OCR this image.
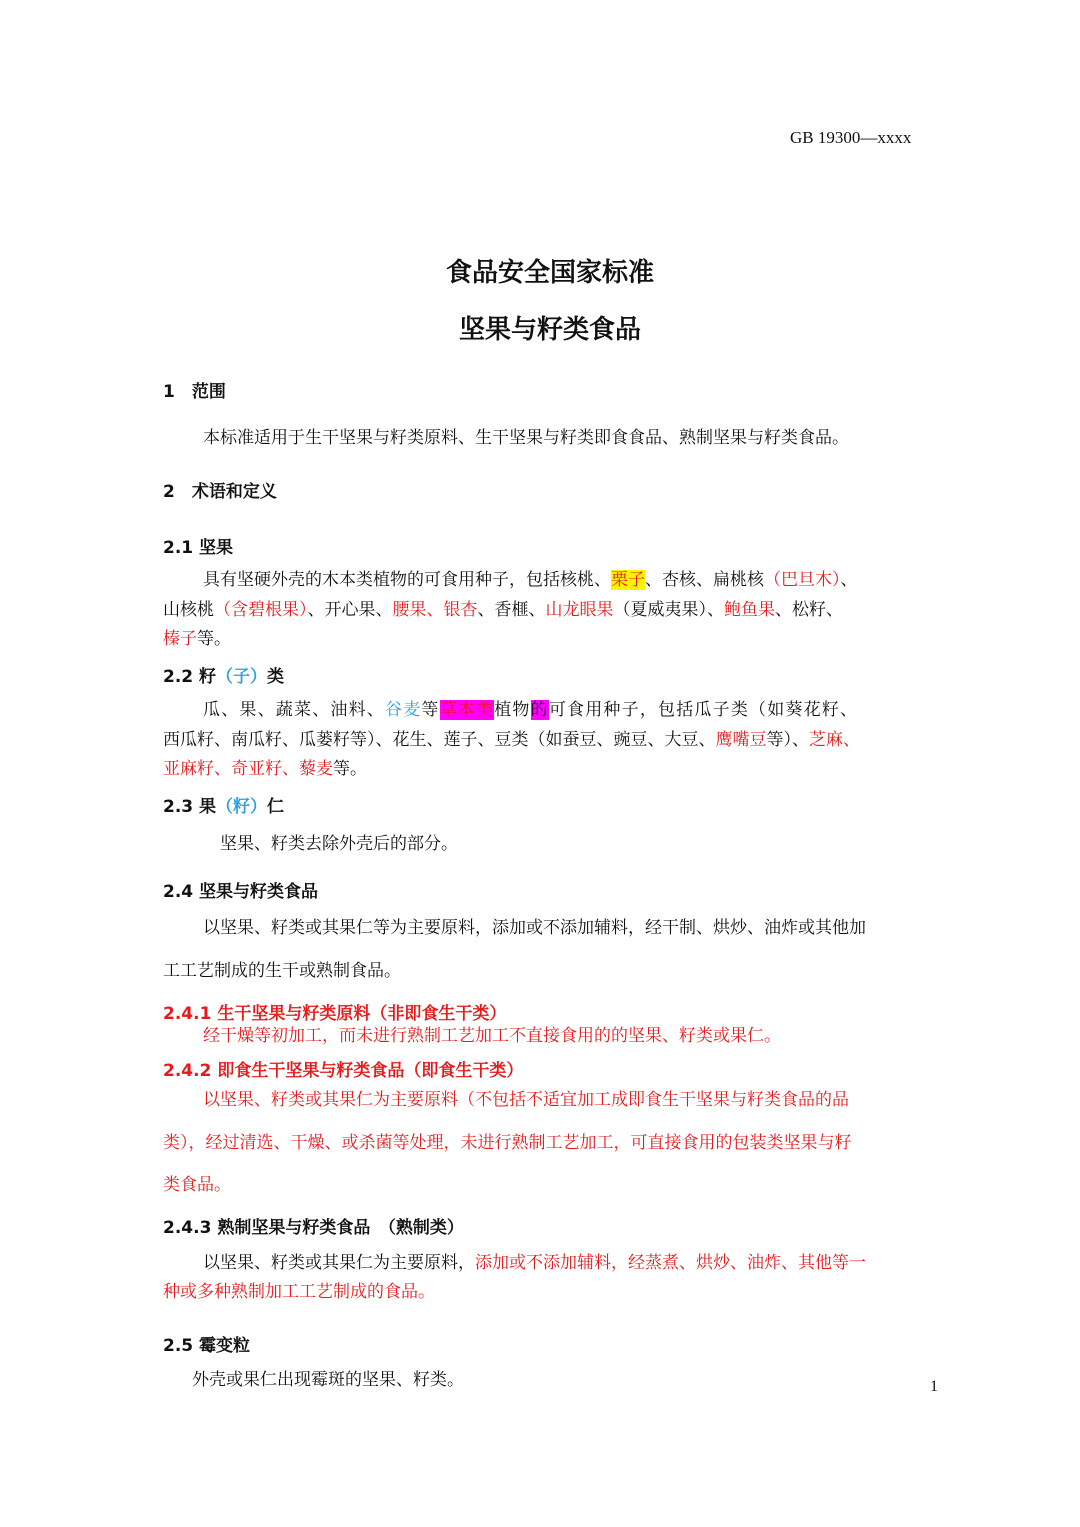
GB 19300—xxxx
食品安全国家标准
坚果与籽类食品
1　范围
本标准适用于生干坚果与籽类原料、生干坚果与籽类即食食品、熟制坚果与籽类食品。
2　术语和定义
2.1 坚果
具有坚硬外壳的木本类植物的可食用种子，包括核桃、栗子、杏核、扁桃核（巴旦木）、
山核桃（含碧根果）、开心果、腰果、银杏、香榧、山龙眼果（夏威夷果）、鲍鱼果、松籽、
榛子等。
2.2 籽（子）类
瓜、果、蔬菜、油料、谷麦等草本类植物的可食用种子，包括瓜子类（如葵花籽、
西瓜籽、南瓜籽、瓜蒌籽等）、花生、莲子、豆类（如蚕豆、豌豆、大豆、鹰嘴豆等）、芝麻、
亚麻籽、奇亚籽、藜麦等。
2.3 果（籽）仁
坚果、籽类去除外壳后的部分。
2.4 坚果与籽类食品
以坚果、籽类或其果仁等为主要原料，添加或不添加辅料，经干制、烘炒、油炸或其他加
工工艺制成的生干或熟制食品。
2.4.1 生干坚果与籽类原料（非即食生干类）
经干燥等初加工，而未进行熟制工艺加工不直接食用的的坚果、籽类或果仁。
2.4.2 即食生干坚果与籽类食品（即食生干类）
以坚果、籽类或其果仁为主要原料（不包括不适宜加工成即食生干坚果与籽类食品的品
类），经过清选、干燥、或杀菌等处理，未进行熟制工艺加工，可直接食用的包装类坚果与籽
类食品。
2.4.3 熟制坚果与籽类食品　（熟制类）
以坚果、籽类或其果仁为主要原料，添加或不添加辅料，经蒸煮、烘炒、油炸、其他等一
种或多种熟制加工工艺制成的食品。
2.5 霉变粒
外壳或果仁出现霉斑的坚果、籽类。	1
